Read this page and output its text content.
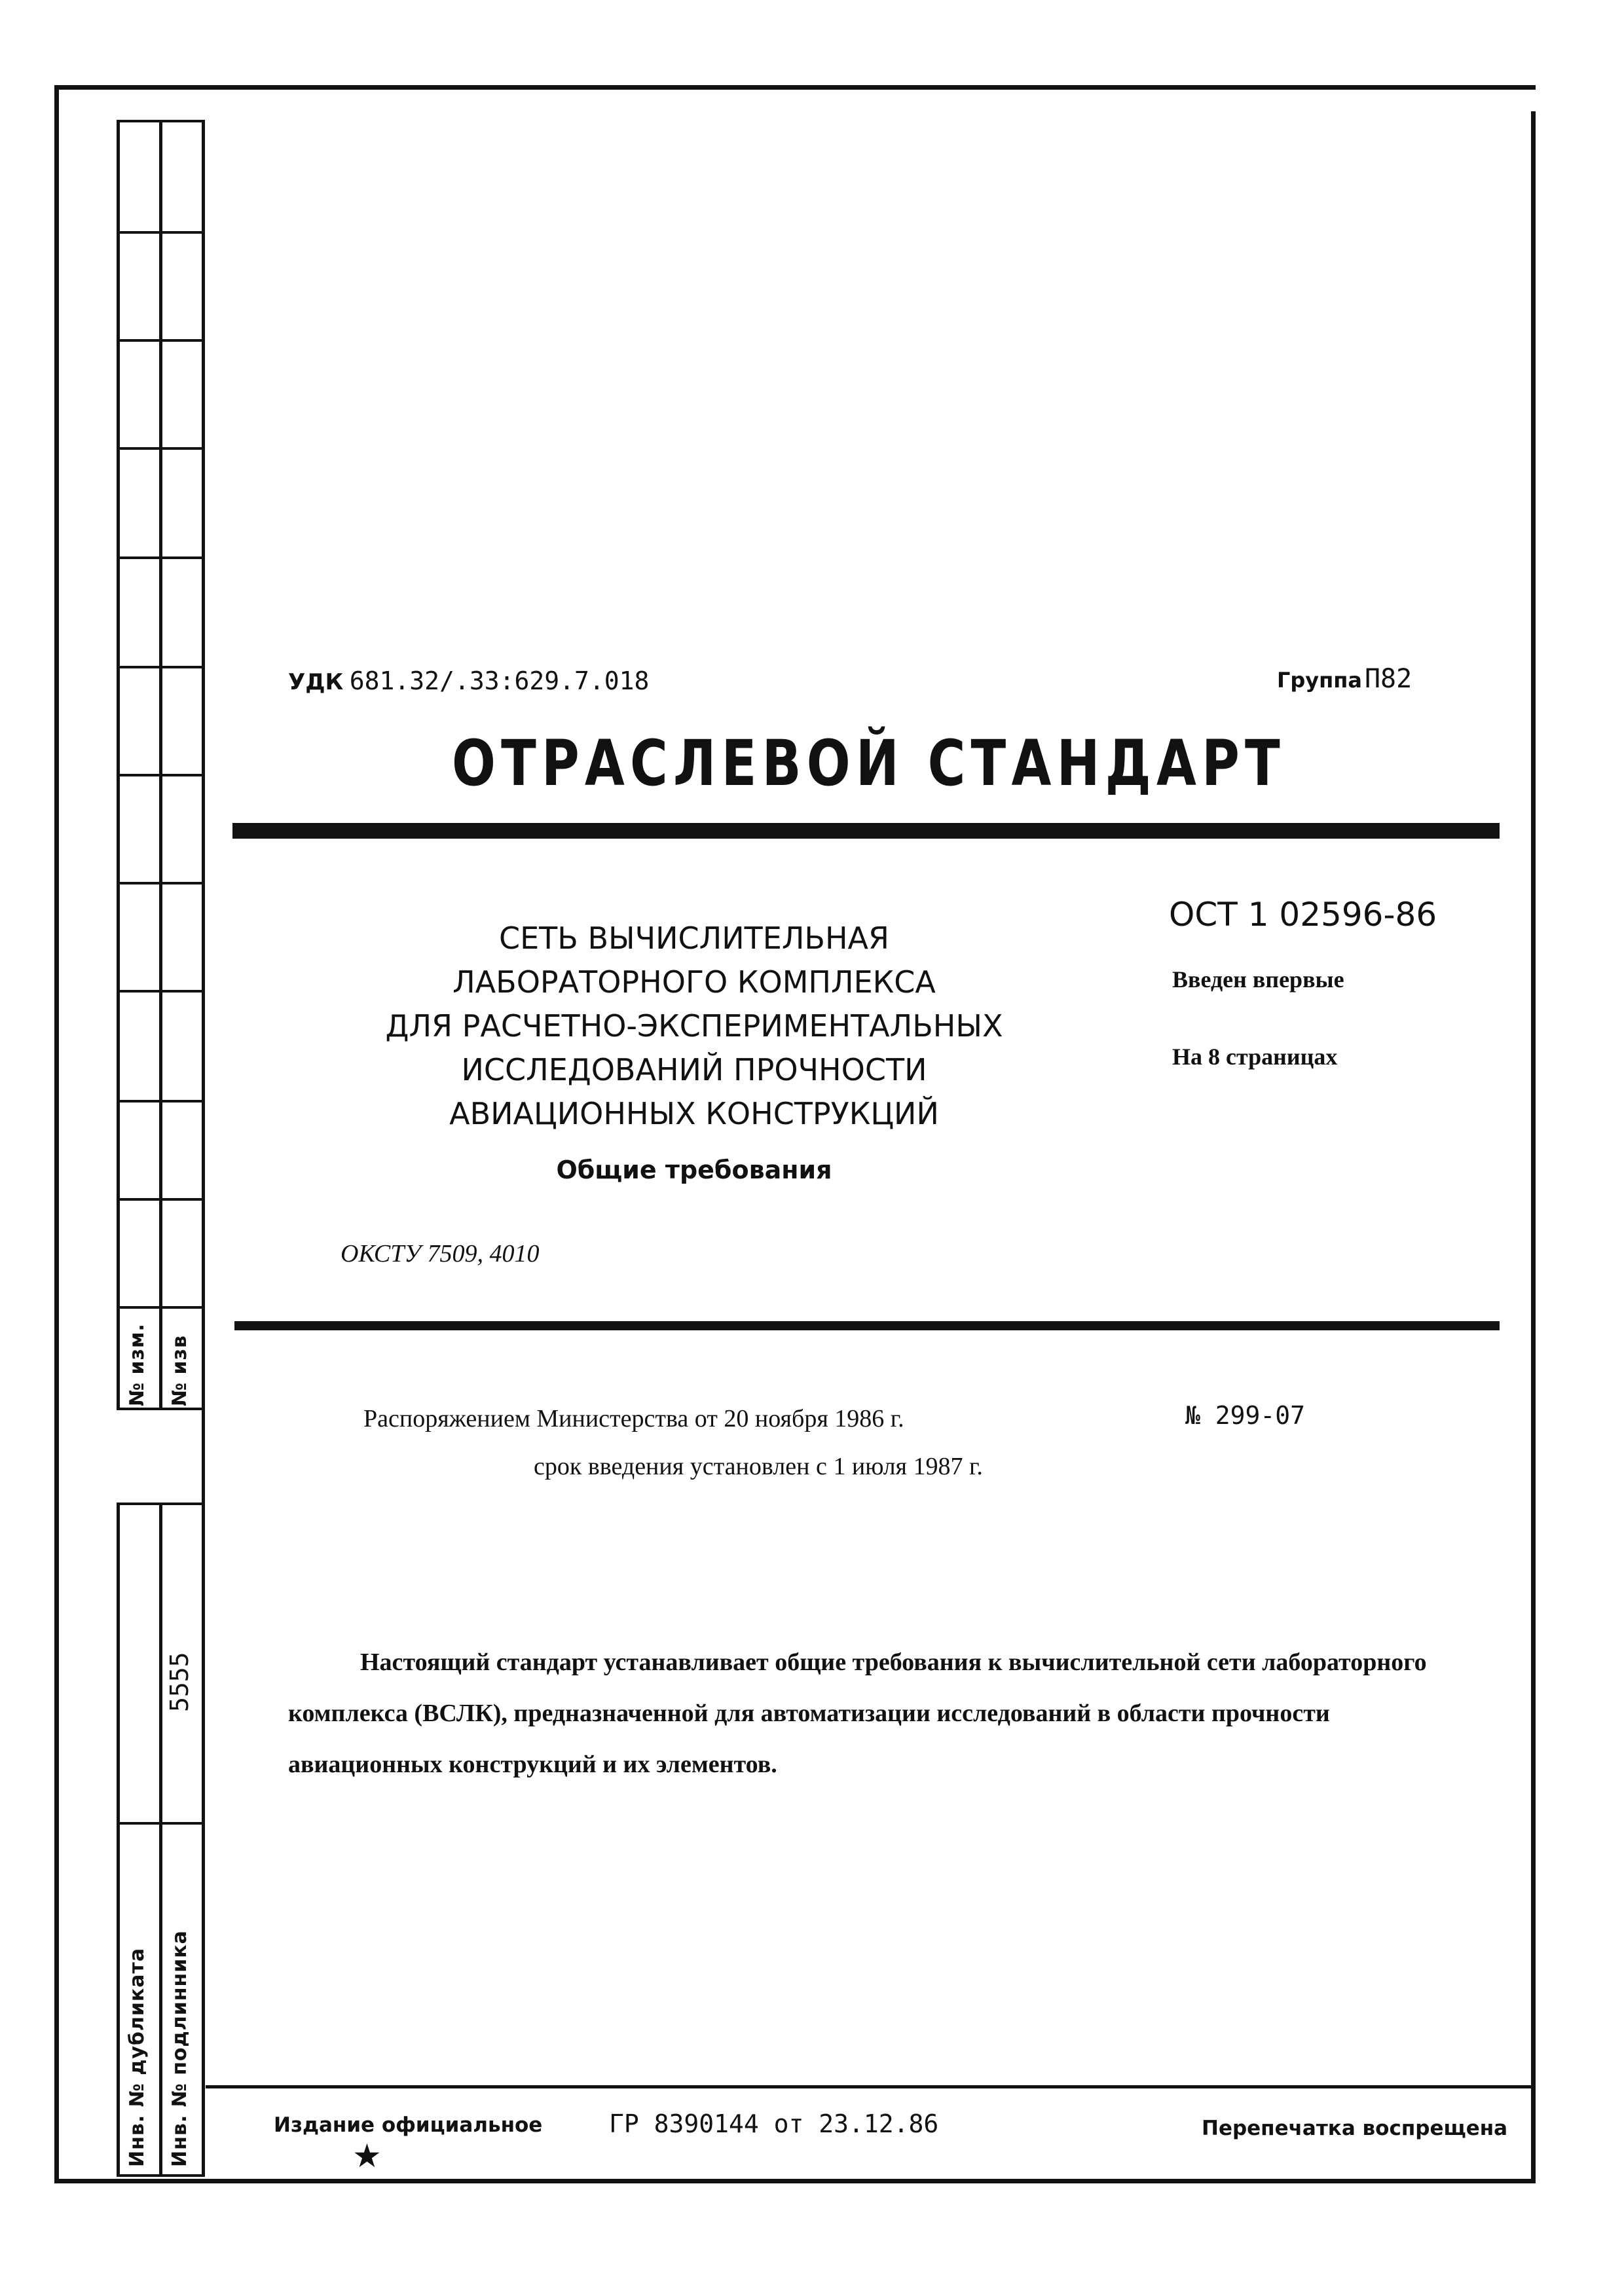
№ изм. № изв
5555
Инв. № дубликата Инв. № подлинника
УДК 681.32/.33:629.7.018	Группа П82
ОТРАСЛЕВОЙ СТАНДАРТ
СЕТЬ ВЫЧИСЛИТЕЛЬНАЯ
ЛАБОРАТОРНОГО КОМПЛЕКСА
ДЛЯ РАСЧЕТНО-ЭКСПЕРИМЕНТАЛЬНЫХ
ИССЛЕДОВАНИЙ ПРОЧНОСТИ
АВИАЦИОННЫХ КОНСТРУКЦИЙ
Общие требования
ОСТ 1 02596-86
Введен впервые
На 8 страницах
ОКСТУ 7509, 4010
Распоряжением Министерства от 20 ноября 1986 г.	№ 299-07
срок введения установлен с 1 июля 1987 г.
Настоящий стандарт устанавливает общие требования к вычислительной сети лабораторного комплекса (ВСЛК), предназначенной для автоматизации исследований в области прочности авиационных конструкций и их элементов.
Издание официальное	ГР 8390144 от 23.12.86	Перепечатка воспрещена
★
